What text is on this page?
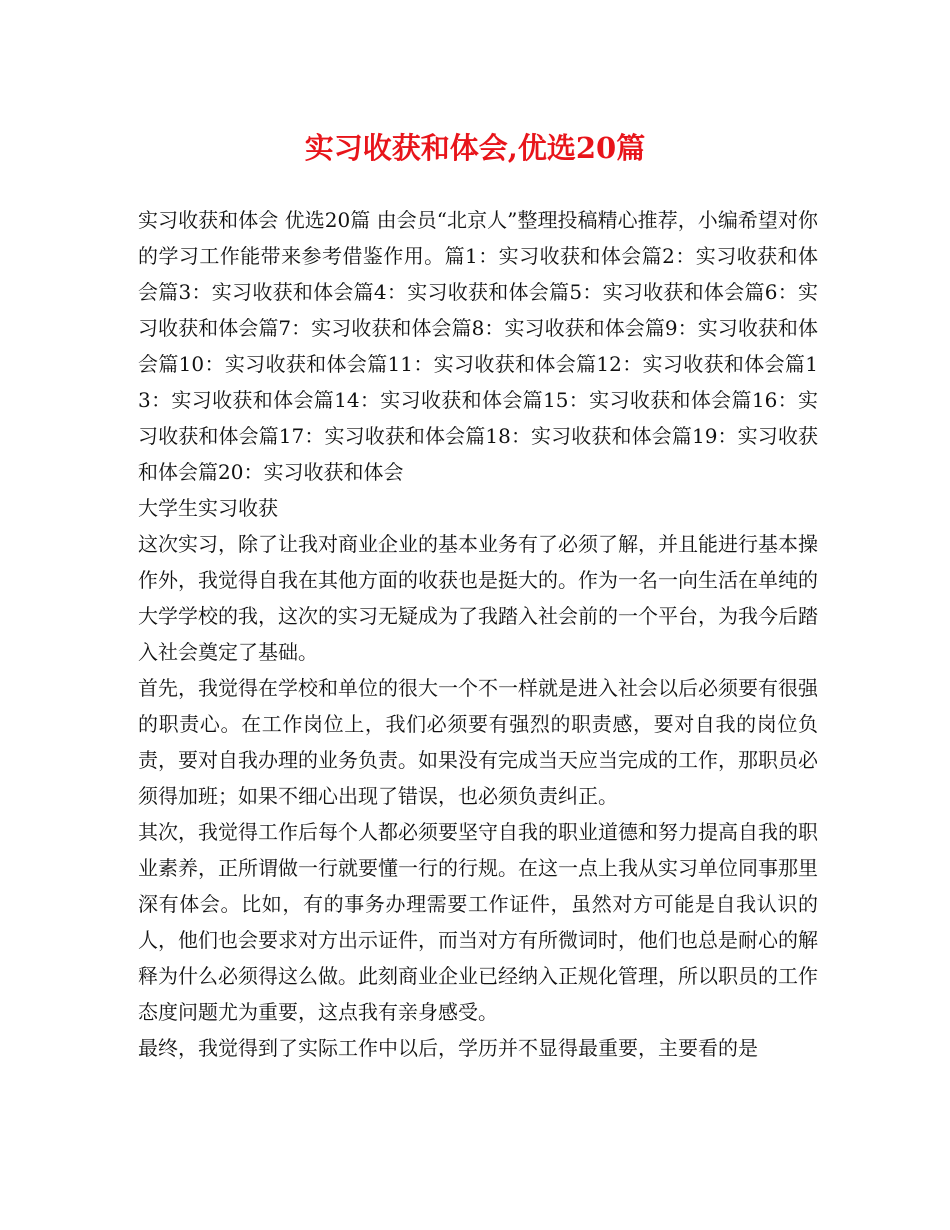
实习收获和体会,优选20篇

实习收获和体会 优选20篇 由会员“北京人”整理投稿精心推荐，小编希望对你的学习工作能带来参考借鉴作用。篇1：实习收获和体会篇2：实习收获和体会篇3：实习收获和体会篇4：实习收获和体会篇5：实习收获和体会篇6：实习收获和体会篇7：实习收获和体会篇8：实习收获和体会篇9：实习收获和体会篇10：实习收获和体会篇11：实习收获和体会篇12：实习收获和体会篇13：实习收获和体会篇14：实习收获和体会篇15：实习收获和体会篇16：实习收获和体会篇17：实习收获和体会篇18：实习收获和体会篇19：实习收获和体会篇20：实习收获和体会

大学生实习收获

这次实习，除了让我对商业企业的基本业务有了必须了解，并且能进行基本操作外，我觉得自我在其他方面的收获也是挺大的。作为一名一向生活在单纯的大学学校的我，这次的实习无疑成为了我踏入社会前的一个平台，为我今后踏入社会奠定了基础。

首先，我觉得在学校和单位的很大一个不一样就是进入社会以后必须要有很强的职责心。在工作岗位上，我们必须要有强烈的职责感，要对自我的岗位负责，要对自我办理的业务负责。如果没有完成当天应当完成的工作，那职员必须得加班；如果不细心出现了错误，也必须负责纠正。

其次，我觉得工作后每个人都必须要坚守自我的职业道德和努力提高自我的职业素养，正所谓做一行就要懂一行的行规。在这一点上我从实习单位同事那里深有体会。比如，有的事务办理需要工作证件，虽然对方可能是自我认识的人，他们也会要求对方出示证件，而当对方有所微词时，他们也总是耐心的解释为什么必须得这么做。此刻商业企业已经纳入正规化管理，所以职员的工作态度问题尤为重要，这点我有亲身感受。

最终，我觉得到了实际工作中以后，学历并不显得最重要，主要看的是
